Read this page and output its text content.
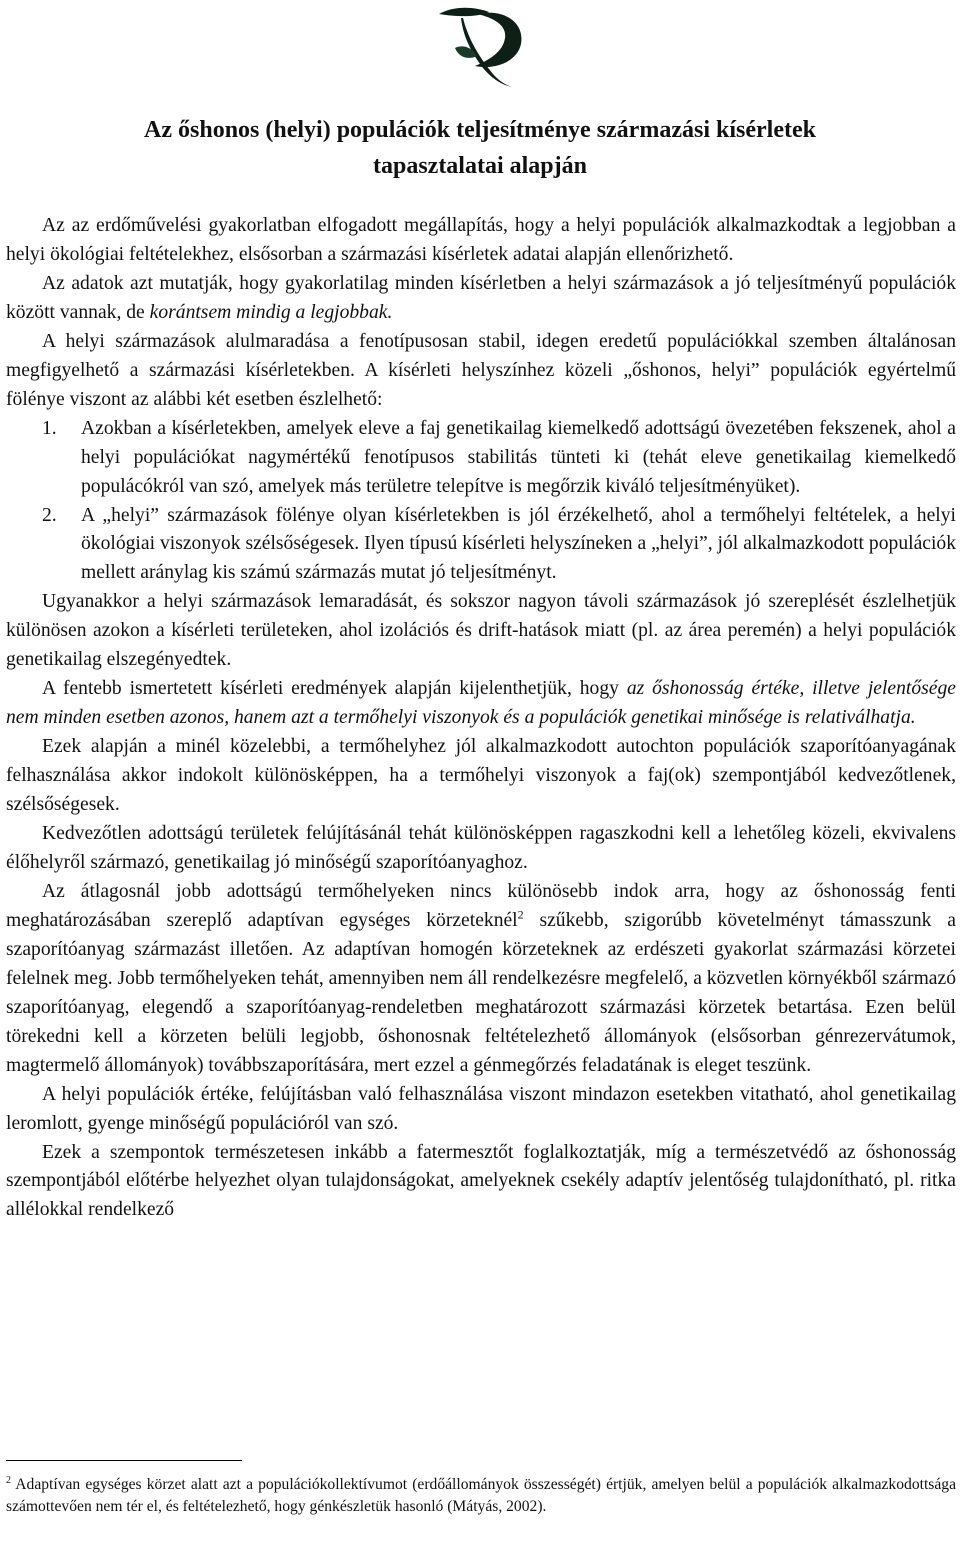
Az őshonos (helyi) populációk teljesítménye származási kísérletek
tapasztalatai alapján

Az az erdőművelési gyakorlatban elfogadott megállapítás, hogy a helyi populációk alkalmazkodtak a legjobban a helyi ökológiai feltételekhez, elsősorban a származási kísérletek adatai alapján ellenőrizhető.

Az adatok azt mutatják, hogy gyakorlatilag minden kísérletben a helyi származások a jó teljesítményű populációk között vannak, de korántsem mindig a legjobbak.

A helyi származások alulmaradása a fenotípusosan stabil, idegen eredetű populációkkal szemben általánosan megfigyelhető a származási kísérletekben. A kísérleti helyszínhez közeli „őshonos, helyi” populációk egyértelmű fölénye viszont az alábbi két esetben észlelhető:

1. Azokban a kísérletekben, amelyek eleve a faj genetikailag kiemelkedő adottságú övezetében fekszenek, ahol a helyi populációkat nagymértékű fenotípusos stabilitás tünteti ki (tehát eleve genetikailag kiemelkedő populácókról van szó, amelyek más területre telepítve is megőrzik kiváló teljesítményüket).
2. A „helyi” származások fölénye olyan kísérletekben is jól érzékelhető, ahol a termőhelyi feltételek, a helyi ökológiai viszonyok szélsőségesek. Ilyen típusú kísérleti helyszíneken a „helyi”, jól alkalmazkodott populációk mellett aránylag kis számú származás mutat jó teljesítményt.

Ugyanakkor a helyi származások lemaradását, és sokszor nagyon távoli származások jó szereplését észlelhetjük különösen azokon a kísérleti területeken, ahol izolációs és drift-hatások miatt (pl. az área peremén) a helyi populációk genetikailag elszegényedtek.

A fentebb ismertetett kísérleti eredmények alapján kijelenthetjük, hogy az őshonosság értéke, illetve jelentősége nem minden esetben azonos, hanem azt a termőhelyi viszonyok és a populációk genetikai minősége is relativálhatja.

Ezek alapján a minél közelebbi, a termőhelyhez jól alkalmazkodott autochton populációk szaporítóanyagának felhasználása akkor indokolt különösképpen, ha a termőhelyi viszonyok a faj(ok) szempontjából kedvezőtlenek, szélsőségesek.

Kedvezőtlen adottságú területek felújításánál tehát különösképpen ragaszkodni kell a lehetőleg közeli, ekvivalens élőhelyről származó, genetikailag jó minőségű szaporítóanyaghoz.

Az átlagosnál jobb adottságú termőhelyeken nincs különösebb indok arra, hogy az őshonosság fenti meghatározásában szereplő adaptívan egységes körzeteknél$^2$ szűkebb, szigorúbb követelményt támasszunk a szaporítóanyag származást illetően. Az adaptívan homogén körzeteknek az erdészeti gyakorlat származási körzetei felelnek meg. Jobb termőhelyeken tehát, amennyiben nem áll rendelkezésre megfelelő, a közvetlen környékből származó szaporítóanyag, elegendő a szaporítóanyag-rendeletben meghatározott származási körzetek betartása. Ezen belül törekedni kell a körzeten belüli legjobb, őshonosnak feltételezhető állományok (elsősorban génrezervátumok, magtermelő állományok) továbbszaporítására, mert ezzel a génmegőrzés feladatának is eleget teszünk.

A helyi populációk értéke, felújításban való felhasználása viszont mindazon esetekben vitatható, ahol genetikailag leromlott, gyenge minőségű populációról van szó.

Ezek a szempontok természetesen inkább a fatermesztőt foglalkoztatják, míg a természetvédő az őshonosság szempontjából előtérbe helyezhet olyan tulajdonságokat, amelyeknek csekély adaptív jelentőség tulajdonítható, pl. ritka allélokkal rendelkező

$^2$ Adaptívan egységes körzet alatt azt a populációkollektívumot (erdőállományok összességét) értjük, amelyen belül a populációk alkalmazkodottsága számottevően nem tér el, és feltételezhető, hogy génkészletük hasonló (Mátyás, 2002).
